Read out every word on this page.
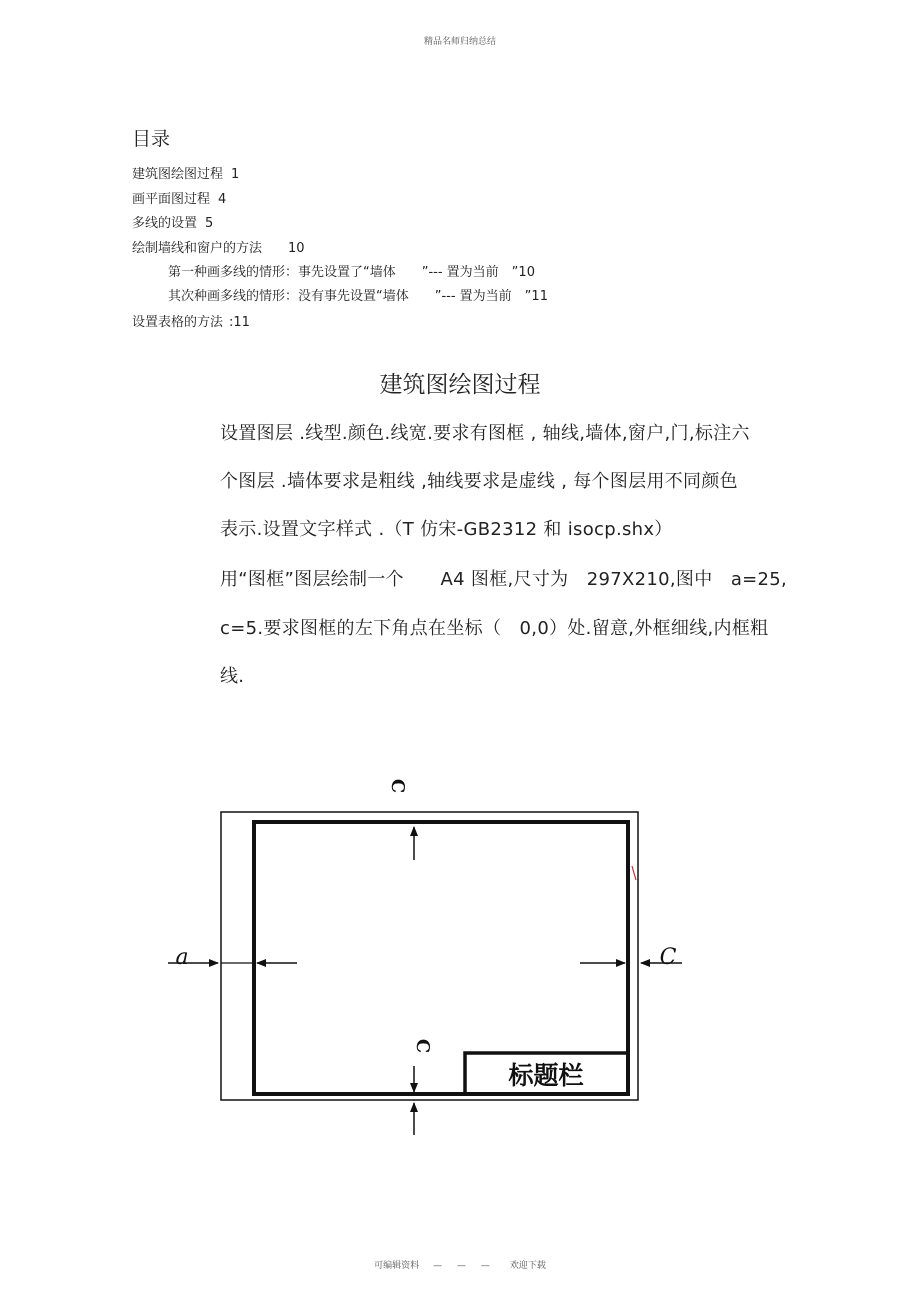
精品名师归纳总结
目录
建筑图绘图过程 1
画平面图过程 4
多线的设置 5
绘制墙线和窗户的方法 10
第一种画多线的情形：事先设置了“墙体　　”--- 置为当前　”10
其次种画多线的情形：没有事先设置“墙体　　”--- 置为当前　”11
设置表格的方法 :11
建筑图绘图过程
设置图层 .线型.颜色.线宽.要求有图框 , 轴线,墙体,窗户,门,标注六
个图层 .墙体要求是粗线 ,轴线要求是虚线 , 每个图层用不同颜色
表示.设置文字样式 .（T 仿宋-GB2312 和 isocp.shx）
用“图框”图层绘制一个　　A4 图框,尺寸为　297X210,图中　a=25,
c=5.要求图框的左下角点在坐标（　0,0）处.留意,外框细线,内框粗
线.
标题栏
C
C
a	C
可编辑资料 — — — 欢迎下载
